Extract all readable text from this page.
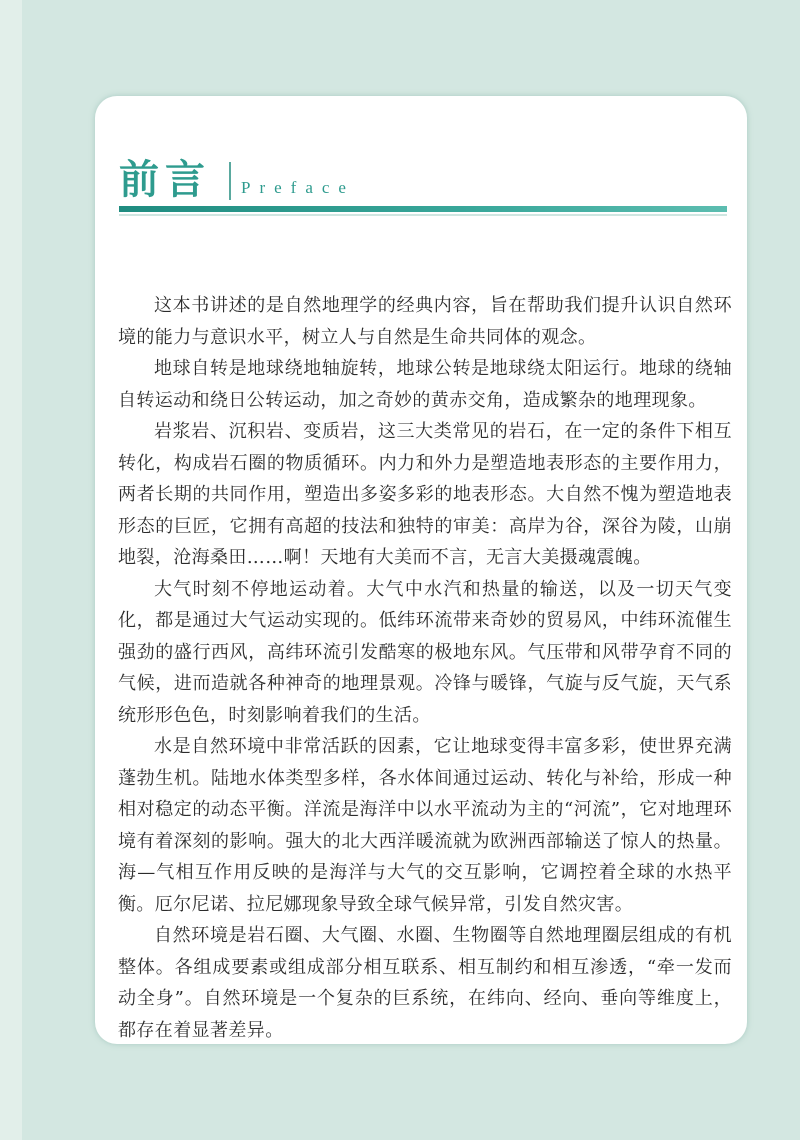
前言 Preface

这本书讲述的是自然地理学的经典内容，旨在帮助我们提升认识自然环境的能力与意识水平，树立人与自然是生命共同体的观念。

地球自转是地球绕地轴旋转，地球公转是地球绕太阳运行。地球的绕轴自转运动和绕日公转运动，加之奇妙的黄赤交角，造成繁杂的地理现象。

岩浆岩、沉积岩、变质岩，这三大类常见的岩石，在一定的条件下相互转化，构成岩石圈的物质循环。内力和外力是塑造地表形态的主要作用力，两者长期的共同作用，塑造出多姿多彩的地表形态。大自然不愧为塑造地表形态的巨匠，它拥有高超的技法和独特的审美：高岸为谷，深谷为陵，山崩地裂，沧海桑田……啊！天地有大美而不言，无言大美摄魂震魄。

大气时刻不停地运动着。大气中水汽和热量的输送，以及一切天气变化，都是通过大气运动实现的。低纬环流带来奇妙的贸易风，中纬环流催生强劲的盛行西风，高纬环流引发酷寒的极地东风。气压带和风带孕育不同的气候，进而造就各种神奇的地理景观。冷锋与暖锋，气旋与反气旋，天气系统形形色色，时刻影响着我们的生活。

水是自然环境中非常活跃的因素，它让地球变得丰富多彩，使世界充满蓬勃生机。陆地水体类型多样，各水体间通过运动、转化与补给，形成一种相对稳定的动态平衡。洋流是海洋中以水平流动为主的“河流”，它对地理环境有着深刻的影响。强大的北大西洋暖流就为欧洲西部输送了惊人的热量。海—气相互作用反映的是海洋与大气的交互影响，它调控着全球的水热平衡。厄尔尼诺、拉尼娜现象导致全球气候异常，引发自然灾害。

自然环境是岩石圈、大气圈、水圈、生物圈等自然地理圈层组成的有机整体。各组成要素或组成部分相互联系、相互制约和相互渗透，“牵一发而动全身”。自然环境是一个复杂的巨系统，在纬向、经向、垂向等维度上，都存在着显著差异。
